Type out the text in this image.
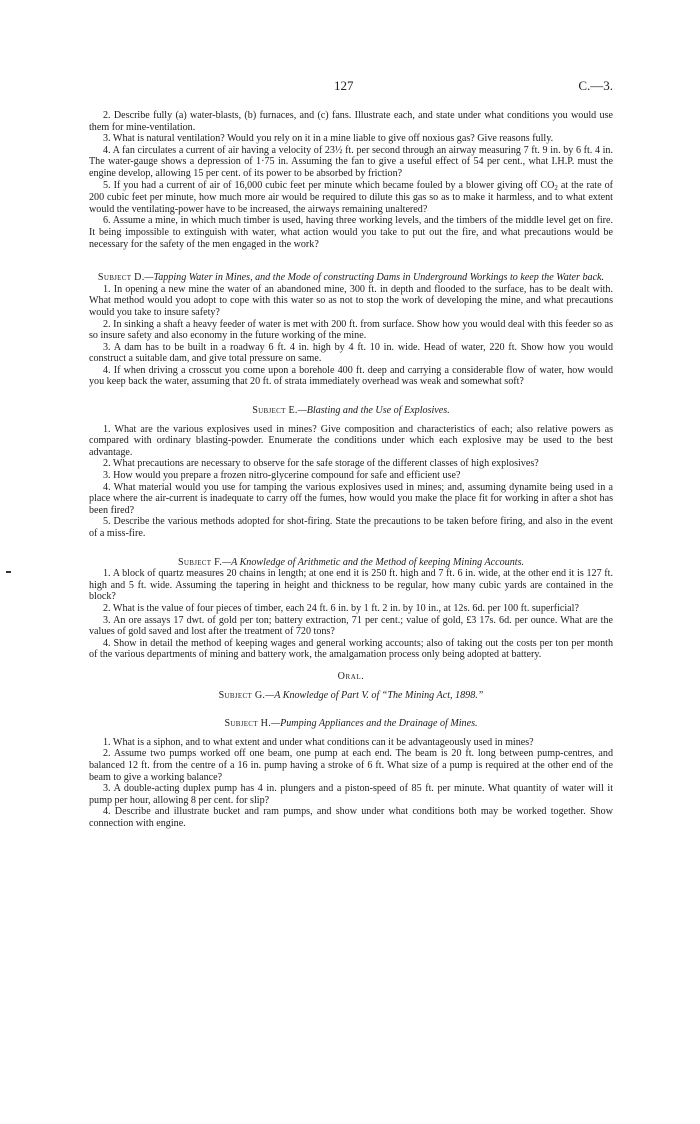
127	C.—3.

2. Describe fully (a) water-blasts, (b) furnaces, and (c) fans. Illustrate each, and state under what conditions you would use them for mine-ventilation.

3. What is natural ventilation? Would you rely on it in a mine liable to give off noxious gas? Give reasons fully.

4. A fan circulates a current of air having a velocity of 23½ ft. per second through an airway measuring 7 ft. 9 in. by 6 ft. 4 in. The water-gauge shows a depression of 1·75 in. Assuming the fan to give a useful effect of 54 per cent., what I.H.P. must the engine develop, allowing 15 per cent. of its power to be absorbed by friction?

5. If you had a current of air of 16,000 cubic feet per minute which became fouled by a blower giving off CO2 at the rate of 200 cubic feet per minute, how much more air would be required to dilute this gas so as to make it harmless, and to what extent would the ventilating-power have to be increased, the airways remaining unaltered?

6. Assume a mine, in which much timber is used, having three working levels, and the timbers of the middle level get on fire. It being impossible to extinguish with water, what action would you take to put out the fire, and what precautions would be necessary for the safety of the men engaged in the work?

Subject D.—Tapping Water in Mines, and the Mode of constructing Dams in Underground Workings to keep the Water back.

1. In opening a new mine the water of an abandoned mine, 300 ft. in depth and flooded to the surface, has to be dealt with. What method would you adopt to cope with this water so as not to stop the work of developing the mine, and what precautions would you take to insure safety?

2. In sinking a shaft a heavy feeder of water is met with 200 ft. from surface. Show how you would deal with this feeder so as so insure safety and also economy in the future working of the mine.

3. A dam has to be built in a roadway 6 ft. 4 in. high by 4 ft. 10 in. wide. Head of water, 220 ft. Show how you would construct a suitable dam, and give total pressure on same.

4. If when driving a crosscut you come upon a borehole 400 ft. deep and carrying a considerable flow of water, how would you keep back the water, assuming that 20 ft. of strata immediately overhead was weak and somewhat soft?

Subject E.—Blasting and the Use of Explosives.

1. What are the various explosives used in mines? Give composition and characteristics of each; also relative powers as compared with ordinary blasting-powder. Enumerate the conditions under which each explosive may be used to the best advantage.

2. What precautions are necessary to observe for the safe storage of the different classes of high explosives?

3. How would you prepare a frozen nitro-glycerine compound for safe and efficient use?

4. What material would you use for tamping the various explosives used in mines; and, assuming dynamite being used in a place where the air-current is inadequate to carry off the fumes, how would you make the place fit for working in after a shot has been fired?

5. Describe the various methods adopted for shot-firing. State the precautions to be taken before firing, and also in the event of a miss-fire.

Subject F.—A Knowledge of Arithmetic and the Method of keeping Mining Accounts.

1. A block of quartz measures 20 chains in length; at one end it is 250 ft. high and 7 ft. 6 in. wide, at the other end it is 127 ft. high and 5 ft. wide. Assuming the tapering in height and thickness to be regular, how many cubic yards are contained in the block?

2. What is the value of four pieces of timber, each 24 ft. 6 in. by 1 ft. 2 in. by 10 in., at 12s. 6d. per 100 ft. superficial?

3. An ore assays 17 dwt. of gold per ton; battery extraction, 71 per cent.; value of gold, £3 17s. 6d. per ounce. What are the values of gold saved and lost after the treatment of 720 tons?

4. Show in detail the method of keeping wages and general working accounts; also of taking out the costs per ton per month of the various departments of mining and battery work, the amalgamation process only being adopted at battery.

Oral.

Subject G.—A Knowledge of Part V. of “The Mining Act, 1898.”

Subject H.—Pumping Appliances and the Drainage of Mines.

1. What is a siphon, and to what extent and under what conditions can it be advantageously used in mines?

2. Assume two pumps worked off one beam, one pump at each end. The beam is 20 ft. long between pump-centres, and balanced 12 ft. from the centre of a 16 in. pump having a stroke of 6 ft. What size of a pump is required at the other end of the beam to give a working balance?

3. A double-acting duplex pump has 4 in. plungers and a piston-speed of 85 ft. per minute. What quantity of water will it pump per hour, allowing 8 per cent. for slip?

4. Describe and illustrate bucket and ram pumps, and show under what conditions both may be worked together. Show connection with engine.
